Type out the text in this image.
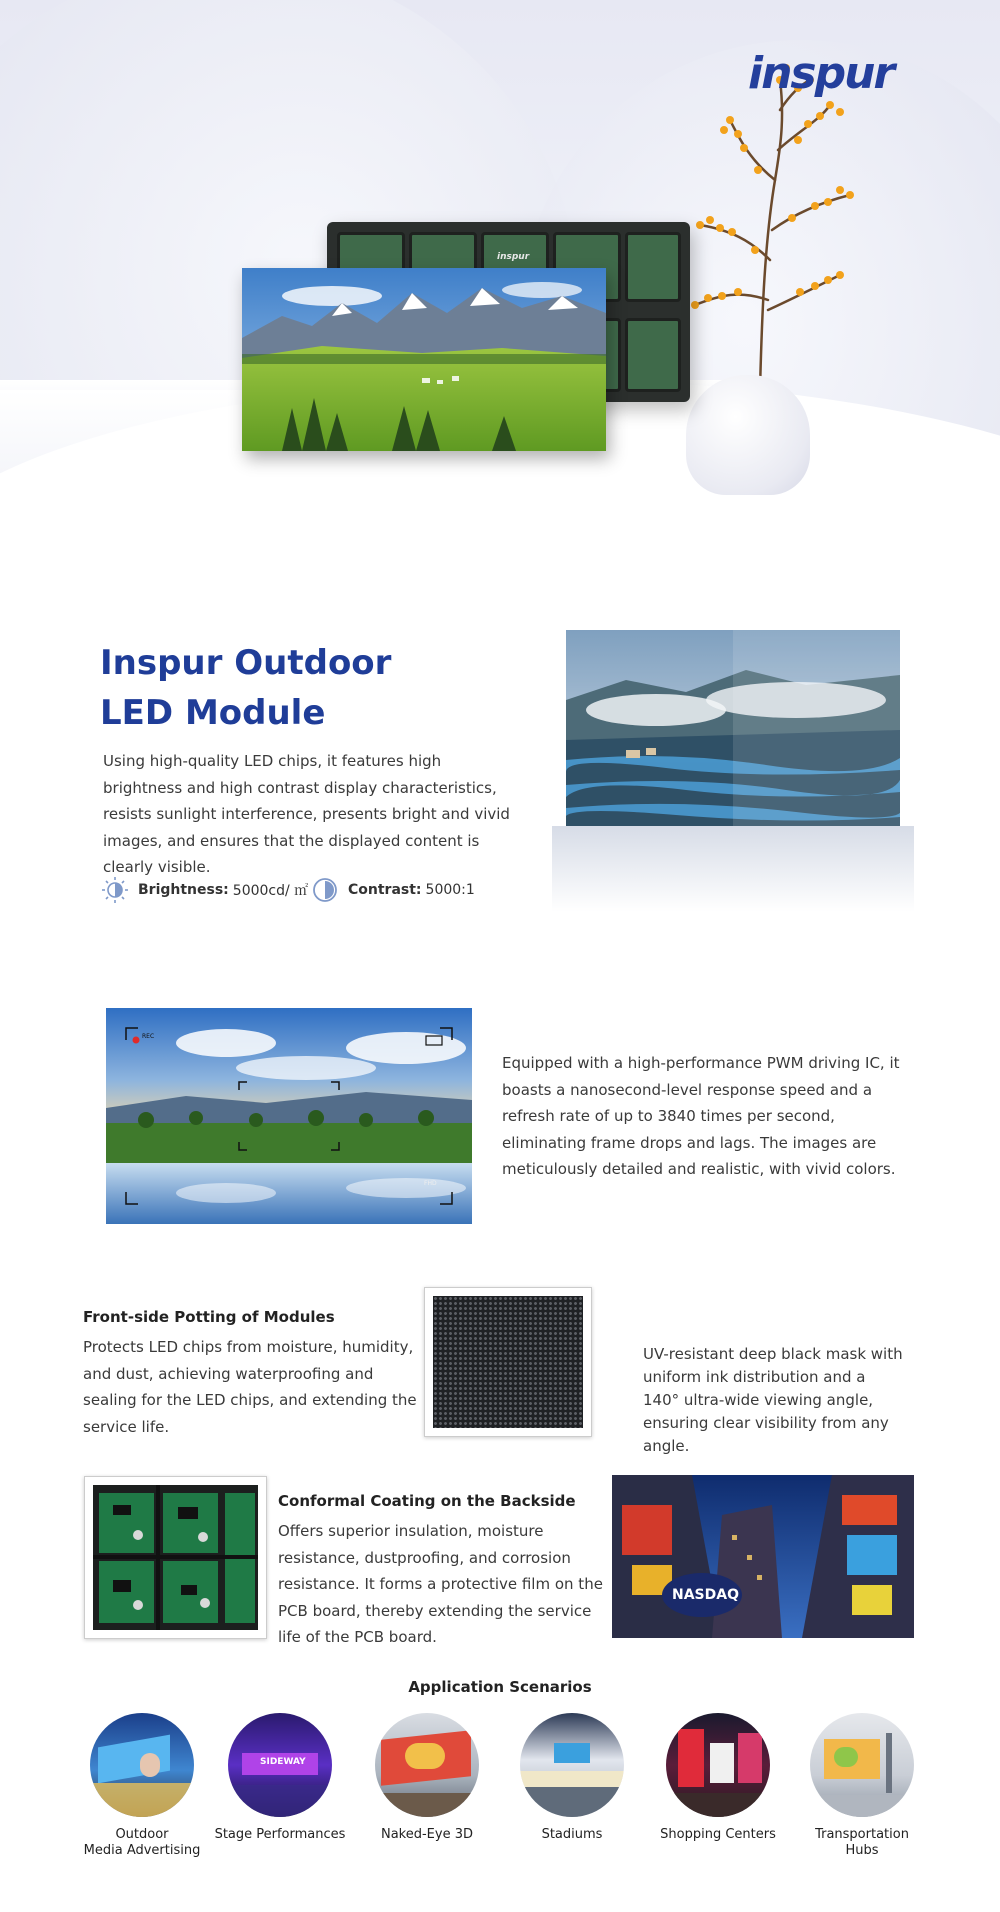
inspur
inspur
Inspur Outdoor
LED Module

Using high-quality LED chips, it features high brightness and high contrast display characteristics, resists sunlight interference, presents bright and vivid images, and ensures that the displayed content is clearly visible.

Brightness: 5000cd/ ㎡	Contrast: 5000:1
REC
FHD

Equipped with a high-performance PWM driving IC, it boasts a nanosecond-level response speed and a refresh rate of up to 3840 times per second, eliminating frame drops and lags. The images are meticulously detailed and realistic, with vivid colors.

Front-side Potting of Modules

Protects LED chips from moisture, humidity, and dust, achieving waterproofing and sealing for the LED chips, and extending the service life.

UV-resistant deep black mask with uniform ink distribution and a 140° ultra-wide viewing angle, ensuring clear visibility from any angle.

Conformal Coating on the Backside

Offers superior insulation, moisture resistance, dustproofing, and corrosion resistance. It forms a protective film on the PCB board, thereby extending the service life of the PCB board.

NASDAQ
Application Scenarios
Outdoor
Media Advertising
SIDEWAY
Stage Performances	Naked-Eye 3D	Stadiums	Shopping Centers	Transportation
Hubs
